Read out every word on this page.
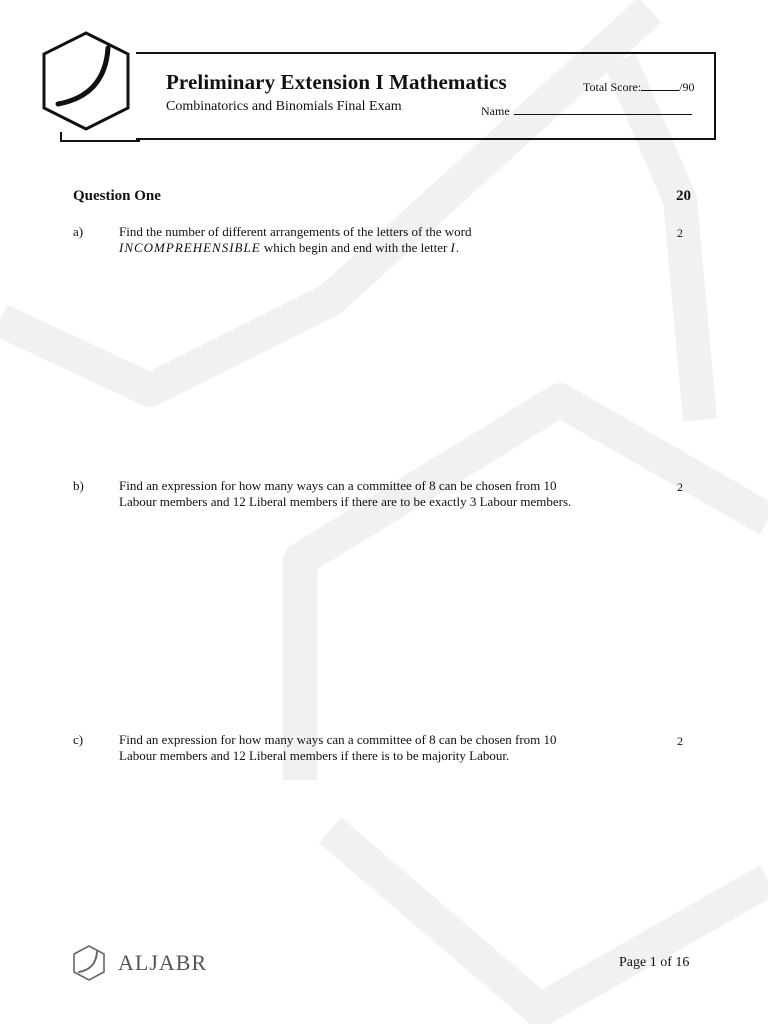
Preliminary Extension I Mathematics
Combinatorics and Binomials Final Exam
Total Score:	/90
Name
Question One	20
a)	Find the number of different arrangements of the letters of the word
INCOMPREHENSIBLE which begin and end with the letter I.
2
b)	Find an expression for how many ways can a committee of 8 can be chosen from 10
Labour members and 12 Liberal members if there are to be exactly 3 Labour members.
2
c)	Find an expression for how many ways can a committee of 8 can be chosen from 10
Labour members and 12 Liberal members if there is to be majority Labour.
2
ALJABR	Page 1 of 16
